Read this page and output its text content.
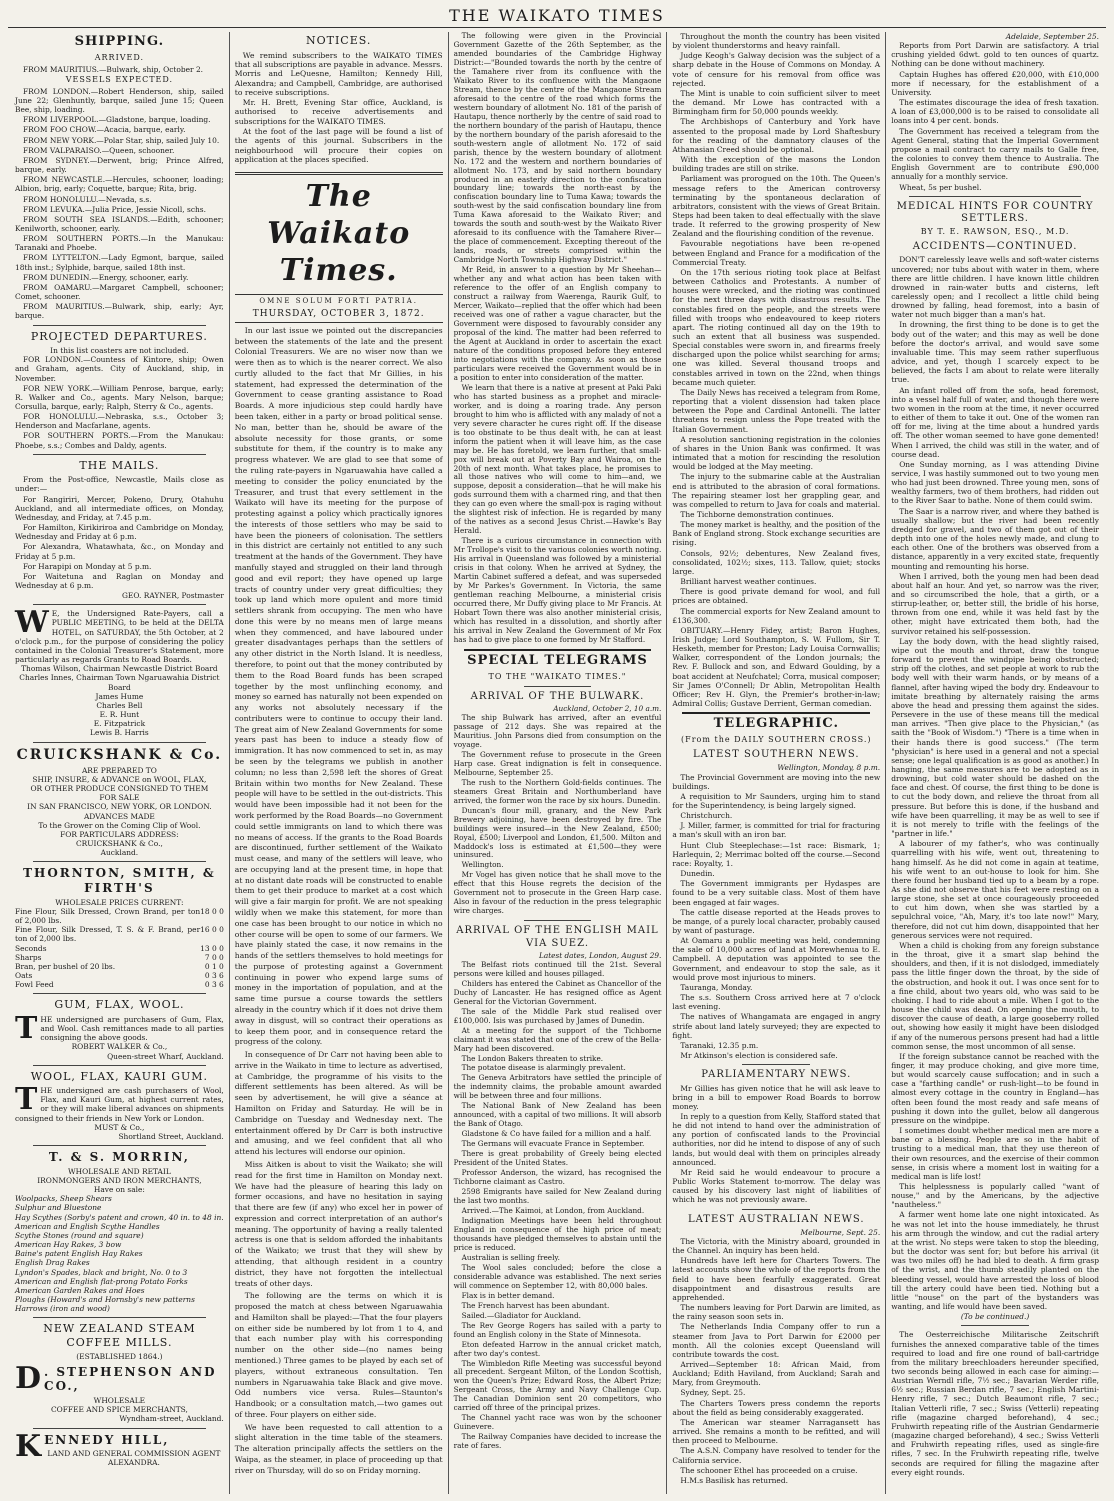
THE WAIKATO TIMES
SHIPPING.
ARRIVED.

FROM MAURITIUS.—Bulwark, ship, October 2.

VESSELS EXPECTED.

FROM LONDON.—Robert Henderson, ship, sailed June 22; Glenhuntly, barque, sailed June 15; Queen Bee, ship, loading.

FROM LIVERPOOL.—Gladstone, barque, loading.

FROM FOO CHOW.—Acacia, barque, early.

FROM NEW YORK.—Polar Star, ship, sailed July 10.

FROM VALPARAISO.—Queen, schooner.

FROM SYDNEY.—Derwent, brig; Prince Alfred, barque, early.

FROM NEWCASTLE.—Hercules, schooner, loading; Albion, brig, early; Coquette, barque; Rita, brig.

FROM HONOLULU.—Nevada, s.s.

FROM LEVUKA.—Julia Price, Jessie Nicoll, schs.

FROM SOUTH SEA ISLANDS.—Edith, schooner; Kenilworth, schooner, early.

FROM SOUTHERN PORTS.—In the Manukau: Taranaki and Phoebe.

FROM LYTTELTON.—Lady Egmont, barque, sailed 18th inst.; Sylphide, barque, sailed 18th inst.

FROM DUNEDIN.—Energy, schooner, early.

FROM OAMARU.—Margaret Campbell, schooner; Comet, schooner.

FROM MAURITIUS.—Bulwark, ship, early; Ayr, barque.

PROJECTED DEPARTURES.
In this list coasters are not included.

FOR LONDON.—Countess of Kintore, ship; Owen and Graham, agents. City of Auckland, ship, in November.

FOR NEW YORK.—William Penrose, barque, early; R. Walker and Co., agents. Mary Nelson, barque; Corsulla, barque, early; Ralph, Sterry & Co., agents.

FOR HONOLULU.—Nebraska, s.s., October 3; Henderson and Macfarlane, agents.

FOR SOUTHERN PORTS.—From the Manukau: Phoebe, s.s.; Combes and Daldy, agents.

THE MAILS.

From the Post-office, Newcastle, Mails close as under:—

For Rangiriri, Mercer, Pokeno, Drury, Otahuhu Auckland, and all intermediate offices, on Monday, Wednesday, and Friday, at 7.45 p.m.

For Hamilton, Kirikiriroa and Cambridge on Monday, Wednesday and Friday at 6 p.m.

For Alexandra, Whatawhata, &c., on Monday and Friday at 5 p.m.

For Harapipi on Monday at 5 p.m.

For Waitetuna and Raglan on Monday and Wednesday at 6 p.m.

GEO. RAYNER, Postmaster
W E, the Undersigned Rate-Payers, call a PUBLIC MEETING, to be held at the DELTA HOTEL, on SATURDAY, the 5th October, at 2 o'clock p.m., for the purpose of considering the policy contained in the Colonial Treasurer's Statement, more particularly as regards Grants to Road Boards.

Thomas Wilson, Chairman Newcastle District Board

Charles Innes, Chairman Town Ngaruawahia District Board

James Hume

Charles Bell

E. R. Hunt

E. Fitzpatrick

Lewis B. Harris

CRUICKSHANK & Co.

ARE PREPARED TO

SHIP, INSURE, & ADVANCE on WOOL, FLAX,

OR OTHER PRODUCE CONSIGNED TO THEM

FOR SALE

IN SAN FRANCISCO, NEW YORK, OR LONDON.

ADVANCES MADE

To the Grower on the Coming Clip of Wool.

FOR PARTICULARS ADDRESS:

CRUICKSHANK & Co.,

Auckland.

THORNTON, SMITH, & FIRTH'S
WHOLESALE PRICES CURRENT:
Fine Flour, Silk Dressed, Crown Brand, per ton of 2,000 lbs.
18 0 0
Fine Flour, Silk Dressed, T. S. & F. Brand, per ton of 2,000 lbs.
16 0 0
Seconds	13 0 0
Sharps	7 0 0
Bran, per bushel of 20 lbs.	0 1 0
Oats	0 3 6
Fowl Feed	0 3 6
GUM, FLAX, WOOL.
T HE undersigned are purchasers of Gum, Flax, and Wool. Cash remittances made to all parties consigning the above goods.
ROBERT WALKER & Co.,
Queen-street Wharf, Auckland.
WOOL, FLAX, KAURI GUM.
T HE undersigned are cash purchasers of Wool, Flax, and Kauri Gum, at highest current rates, or they will make liberal advances on shipments consigned to their friends in New York or London.
MUST & Co.,
Shortland Street, Auckland.
T. & S. MORRIN,
WHOLESALE AND RETAIL
IRONMONGERS AND IRON MERCHANTS,
Have on sale:

Woolpacks, Sheep Shears

Sulphur and Bluestone

Hay Scythes (Sorby's patent and crown, 40 in. to 48 in.

American and English Scythe Handles

Scythe Stones (round and square)

American Hay Rakes, 3 bow

Baine's patent English Hay Rakes

English Drag Rakes

Lyndon's Spades, black and bright, No. 0 to 3

American and English flat-prong Potato Forks

American Garden Rakes and Hoes

Ploughs (Howard's and Hornsby's new patterns

Harrows (iron and wood)

NEW ZEALAND STEAM COFFEE MILLS.
(ESTABLISHED 1864.)
D . STEPHENSON AND CO.,
WHOLESALE
COFFEE AND SPICE MERCHANTS,
Wyndham-street, Auckland.
K ENNEDY HILL,
LAND AND GENERAL COMMISSION AGENT
ALEXANDRA.
NOTICES.

We remind subscribers to the WAIKATO TIMES that all subscriptions are payable in advance. Messrs. Morris and LeQuesne, Hamilton; Kennedy Hill, Alexandra; and Campbell, Cambridge, are authorised to receive subscriptions.

Mr. H. Brett, Evening Star office, Auckland, is authorised to receive advertisements and subscriptions for the WAIKATO TIMES.

At the foot of the last page will be found a list of the agents of this journal. Subscribers in the neighbourhood will procure their copies on application at the places specified.

The Waikato Times.
OMNE SOLUM FORTI PATRIA.
THURSDAY, OCTOBER 3, 1872.

In our last issue we pointed out the discrepancies between the statements of the late and the present Colonial Treasurers. We are no wiser now than we were then as to which is the nearer correct. We also curtly alluded to the fact that Mr Gillies, in his statement, had expressed the determination of the Government to cease granting assistance to Road Boards. A more injudicious step could hardly have been taken, either in a party or broad political sense. No man, better than he, should be aware of the absolute necessity for those grants, or some substitute for them, if the country is to make any progress whatever. We are glad to see that some of the ruling rate-payers in Ngaruawahia have called a meeting to consider the policy enunciated by the Treasurer, and trust that every settlement in the Waikato will have its meeting for the purpose of protesting against a policy which practically ignores the interests of those settlers who may be said to have been the pioneers of colonisation. The settlers in this district are certainly not entitled to any such treatment at the hands of the Government. They have manfully stayed and struggled on their land through good and evil report; they have opened up large tracts of country under very great difficulties; they took up land which more opulent and more timid settlers shrank from occupying. The men who have done this were by no means men of large means when they commenced, and have laboured under greater disadvantages perhaps than the settlers of any other district in the North Island. It is needless, therefore, to point out that the money contributed by them to the Road Board funds has been scraped together by the most unflinching economy, and money so earned has naturally not been expended on any works not absolutely necessary if the contributers were to continue to occupy their land. The great aim of New Zealand Governments for some years past has been to induce a steady flow of immigration. It has now commenced to set in, as may be seen by the telegrams we publish in another column; no less than 2,598 left the shores of Great Britain within two months for New Zealand. These people will have to be settled in the out-districts. This would have been impossible had it not been for the work performed by the Road Boards—no Government could settle immigrants on land to which there was no means of access. If the grants to the Road Boards are discontinued, further settlement of the Waikato must cease, and many of the settlers will leave, who are occupying land at the present time, in hope that at no distant date roads will be constructed to enable them to get their produce to market at a cost which will give a fair margin for profit. We are not speaking wildly when we make this statement, for more than one case has been brought to our notice in which no other course will be open to some of our farmers. We have plainly stated the case, it now remains in the hands of the settlers themselves to hold meetings for the purpose of protesting against a Government continuing in power who expend large sums of money in the importation of population, and at the same time pursue a course towards the settlers already in the country which if it does not drive them away in disgust, will so contract their operations as to keep them poor, and in consequence retard the progress of the colony.

In consequence of Dr Carr not having been able to arrive in the Waikato in time to lecture as advertised, at Cambridge, the programme of his visits to the different settlements has been altered. As will be seen by advertisement, he will give a séance at Hamilton on Friday and Saturday. He will be in Cambridge on Tuesday and Wednesday next. The entertainment offered by Dr Carr is both instructive and amusing, and we feel confident that all who attend his lectures will endorse our opinion.

Miss Aitken is about to visit the Waikato; she will read for the first time in Hamilton on Monday next. We have had the pleasure of hearing this lady on former occasions, and have no hesitation in saying that there are few (if any) who excel her in power of expression and correct interpretation of an author's meaning. The opportunity of having a really talented actress is one that is seldom afforded the inhabitants of the Waikato; we trust that they will shew by attending, that although resident in a country district, they have not forgotten the intellectual treats of other days.

The following are the terms on which it is proposed the match at chess between Ngaruawahia and Hamilton shall be played:—That the four players on either side be numbered by lot from 1 to 4, and that each number play with his corresponding number on the other side—(no names being mentioned.) Three games to be played by each set of players, without extraneous consultation. Ten numbers in Ngaruawahia take Black and give move. Odd numbers vice versa. Rules—Staunton's Handbook; or a consultation match,—two games out of three. Four players on either side.

We have been requested to call attention to a slight alteration in the time table of the steamers. The alteration principally affects the settlers on the Waipa, as the steamer, in place of proceeding up that river on Thursday, will do so on Friday morning.

The following were given in the Provincial Government Gazette of the 26th September, as the amended boundaries of the Cambridge Highway District:—"Bounded towards the north by the centre of the Tamahere river from its confluence with the Waikato River to its confluence with the Mangaone Stream, thence by the centre of the Mangaone Stream aforesaid to the centre of the road which forms the western boundary of allotment No. 181 of the parish of Hautapu, thence northerly by the centre of said road to the northern boundary of the parish of Hautapu, thence by the northern boundary of the parish aforesaid to the south-western angle of allotment No. 172 of said parish, thence by the western boundary of allotment No. 172 and the western and northern boundaries of allotment No. 173, and by said northern boundary produced in an easterly direction to the confiscation boundary line; towards the north-east by the confiscation boundary line to Tuma Kawa; towards the south-west by the said confiscation boundary line from Tuma Kawa aforesaid to the Waikato River; and towards the south and south-west by the Waikato River aforesaid to its confluence with the Tamahere River—the place of commencement. Excepting thereout of the lands, roads, or streets comprised within the Cambridge North Township Highway District."

Mr Reid, in answer to a question by Mr Sheehan—whether any and what action has been taken with reference to the offer of an English company to construct a railway from Waerenga, Raurik Gulf, to Mercer, Waikato—replied that the offer which had been received was one of rather a vague character, but the Government were disposed to favourably consider any proposal of the kind. The matter had been referred to the Agent at Auckland in order to ascertain the exact nature of the conditions proposed before they entered into negotiations with the company. As soon as those particulars were received the Government would be in a position to enter into consideration of the matter.

We learn that there is a native at present at Paki Paki who has started business as a prophet and miracle-worker, and is doing a roaring trade. Any person brought to him who is afflicted with any malady of not a very severe character he cures right off. If the disease is too obstinate to be thus dealt with, he can at least inform the patient when it will leave him, as the case may be. He has foretold, we learn further, that small-pox will break out at Poverty Bay and Wairoa, on the 20th of next month. What takes place, he promises to all those natives who will come to him—and, we suppose, deposit a consideration—that he will make his gods surround them with a charmed ring, and that then they can go even where the small-pox is raging without the slightest risk of infection. He is regarded by many of the natives as a second Jesus Christ.—Hawke's Bay Herald.

There is a curious circumstance in connection with Mr Trollope's visit to the various colonies worth noting. His arrival in Queensland was followed by a ministerial crisis in that colony. When he arrived at Sydney, the Martin Cabinet suffered a defeat, and was superseded by Mr Parkes's Government. In Victoria, the same gentleman reaching Melbourne, a ministerial crisis occurred there, Mr Duffy giving place to Mr Francis. At Hobart Town there was also another ministerial crisis, which has resulted in a dissolution, and shortly after his arrival in New Zealand the Government of Mr Fox has had to give place to one formed by Mr Stafford.

SPECIAL TELEGRAMS
TO THE "WAIKATO TIMES."
ARRIVAL OF THE BULWARK.
Auckland, October 2, 10 a.m.

The ship Bulwark has arrived, after an eventful passage of 212 days. She was repaired at the Mauritius. John Parsons died from consumption on the voyage.

The Government refuse to prosecute in the Green Harp case. Great indignation is felt in consequence. Melbourne, September 25.

The rush to the Northern Gold-fields continues. The steamers Great Britain and Northumberland have arrived, the former won the race by six hours. Dunedin.

Duncan's flour mill, granary, and the New Park Brewery adjoining, have been destroyed by fire. The buildings were insured—in the New Zealand, £500; Royal, £500; Liverpool and London, £1,500. Milton and Maddock's loss is estimated at £1,500—they were uninsured.

Wellington.

Mr Vogel has given notice that he shall move to the effect that this House regrets the decision of the Government not to prosecute in the Green Harp case. Also in favour of the reduction in the press telegraphic wire charges.

ARRIVAL OF THE ENGLISH MAIL VIA SUEZ.
Latest dates, London, August 29.

The Belfast riots continued till the 21st. Several persons were killed and houses pillaged.

Childers has entered the Cabinet as Chancellor of the Duchy of Lancaster. He has resigned office as Agent General for the Victorian Government.

The sale of the Middle Park stud realised over £100,000. Isis was purchased by James of Dunedin.

At a meeting for the support of the Tichborne claimant it was stated that one of the crew of the Bella-Mary had been discovered.

The London Bakers threaten to strike.

The potatoe disease is alarmingly prevalent.

The Geneva Arbitrators have settled the principle of the indemnity claims, the probable amount awarded will be between three and four millions.

The National Bank of New Zealand has been announced, with a capital of two millions. It will absorb the Bank of Otago.

Gladstone & Co have failed for a million and a half.

The Germans will evacuate France in September.

There is great probability of Greely being elected President of the United States.

Professor Anderson, the wizard, has recognised the Tichborne claimant as Castro.

2598 Emigrants have sailed for New Zealand during the last two months.

Arrived.—The Kaimoi, at London, from Auckland.

Indignation Meetings have been held throughout England in consequence of the high price of meat; thousands have pledged themselves to abstain until the price is reduced.

Australian is selling freely.

The Wool sales concluded; before the close a considerable advance was established. The next series will commence on September 12, with 80,000 bales.

Flax is in better demand.

The French harvest has been abundant.

Sailed.—Gladiator for Auckland.

The Rev George Rogers has sailed with a party to found an English colony in the State of Minnesota.

Eton defeated Harrow in the annual cricket match, after two day's contest.

The Wimbledon Rifle Meeting was successful beyond all precedent. Sergeant Milton, of the London Scottish, won the Queen's Prize; Edward Ross, the Albert Prize; Sergeant Cross, the Army and Navy Challenge Cup. The Canadian Dominion sent 20 competitors, who carried off three of the principal prizes.

The Channel yacht race was won by the schooner Guinevere.

The Railway Companies have decided to increase the rate of fares.

Throughout the month the country has been visited by violent thunderstorms and heavy rainfall.

Judge Keogh's Galway decision was the subject of a sharp debate in the House of Commons on Monday. A vote of censure for his removal from office was rejected.

The Mint is unable to coin sufficient silver to meet the demand. Mr Lowe has contracted with a Birmingham firm for 50,000 pounds weekly.

The Archbishops of Canterbury and York have assented to the proposal made by Lord Shaftesbury for the reading of the damnatory clauses of the Athanasian Creed should be optional.

With the exception of the masons the London building trades are still on strike.

Parliament was prorogued on the 10th. The Queen's message refers to the American controversy terminating by the spontaneous declaration of arbitrators, consistent with the views of Great Britain. Steps had been taken to deal effectually with the slave trade. It referred to the growing prosperity of New Zealand and the flourishing condition of the revenue.

Favourable negotiations have been re-opened between England and France for a modification of the Commercial Treaty.

On the 17th serious rioting took place at Belfast between Catholics and Protestants. A number of houses were wrecked, and the rioting was continued for the next three days with disastrous results. The constables fired on the people, and the streets were filled with troops who endeavoured to keep rioters apart. The rioting continued all day on the 19th to such an extent that all business was suspended. Special constables were sworn in, and firearms freely discharged upon the police whilst searching for arms; one was killed. Several thousand troops and constables arrived in town on the 22nd, when things became much quieter.

The Daily News has received a telegram from Rome, reporting that a violent dissension had taken place between the Pope and Cardinal Antonelli. The latter threatens to resign unless the Pope treated with the Italian Government.

A resolution sanctioning registration in the colonies of shares in the Union Bank was confirmed. It was intimated that a motion for rescinding the resolution would be lodged at the May meeting.

The injury to the submarine cable at the Australian end is attributed to the abrasion of coral formations. The repairing steamer lost her grappling gear, and was compelled to return to Java for coals and material.

The Tichborne demonstration continues.

The money market is healthy, and the position of the Bank of England strong. Stock exchange securities are rising.

Consols, 92½; debentures, New Zealand fives, consolidated, 102½; sixes, 113. Tallow, quiet; stocks large.

Brilliant harvest weather continues.

There is good private demand for wool, and full prices are obtained.

The commercial exports for New Zealand amount to £136,300.

OBITUARY.—Henry Fidey, artist; Baron Hughes, Irish Judge; Lord Southampton, S. W. Fullom, Sir T. Hesketh, member for Preston; Lady Louisa Cornwallis; Walker, correspondent of the London journals; the Rev. F. Bullock and son, and Edward Goulding, by a boat accident at Neufchatel; Corra, musical composer; Sir James O'Connell; Dr Ablin, Metropolitan Health Officer; Rev H. Glyn, the Premier's brother-in-law; Admiral Collis; Gustave Derrient, German comedian.

TELEGRAPHIC.
(From the DAILY SOUTHERN CROSS.)
LATEST SOUTHERN NEWS.
Wellington, Monday, 8 p.m.

The Provincial Government are moving into the new buildings.

A requisition to Mr Saunders, urging him to stand for the Superintendency, is being largely signed.

Christchurch.

J. Miller, farmer, is committed for trial for fracturing a man's skull with an iron bar.

Hunt Club Steeplechase:—1st race: Bismark, 1; Harlequin, 2; Merrimac bolted off the course.—Second race: Royalty, 1.

Dunedin.

The Government immigrants per Hydaspes are found to be a very suitable class. Most of them have been engaged at fair wages.

The cattle disease reported at the Heads proves to be mange, of a purely local character, probably caused by want of pasturage.

At Oamaru a public meeting was held, condemning the sale of 10,000 acres of land at Morewhenua to E. Campbell. A deputation was appointed to see the Government, and endeavour to stop the sale, as it would prove most injurious to miners.

Tauranga, Monday.

The s.s. Southern Cross arrived here at 7 o'clock last evening.

The natives of Whangamata are engaged in angry strife about land lately surveyed; they are expected to fight.

Taranaki, 12.35 p.m.

Mr Atkinson's election is considered safe.

PARLIAMENTARY NEWS.

Mr Gillies has given notice that he will ask leave to bring in a bill to empower Road Boards to borrow money.

In reply to a question from Kelly, Stafford stated that he did not intend to hand over the administration of any portion of confiscated lands to the Provincial authorities, nor did he intend to dispose of any of such lands, but would deal with them on principles already announced.

Mr Reid said he would endeavour to procure a Public Works Statement to-morrow. The delay was caused by his discovery last night of liabilities of which he was not previously aware.

LATEST AUSTRALIAN NEWS.
Melbourne, Sept. 25.

The Victoria, with the Ministry aboard, grounded in the Channel. An inquiry has been held.

Hundreds have left here for Charters Towers. The latest accounts show the whole of the reports from the field to have been fearfully exaggerated. Great disappointment and disastrous results are apprehended.

The numbers leaving for Port Darwin are limited, as the rainy season soon sets in.

The Netherlands India Company offer to run a steamer from Java to Port Darwin for £2000 per month. All the colonies except Queensland will contribute towards the cost.

Arrived—September 18: African Maid, from Auckland; Edith Haviland, from Auckland; Sarah and Mary, from Greymouth.

Sydney, Sept. 25.

The Charters Towers press condemn the reports about the field as being considerably exaggerated.

The American war steamer Narragansett has arrived. She remains a month to be refitted, and will then proceed to Melbourne.

The A.S.N. Company have resolved to tender for the California service.

The schooner Ethel has proceeded on a cruise.

H.M.s Basilisk has returned.

Adelaide, September 25.

Reports from Port Darwin are satisfactory. A trial crushing yielded 6dwt. gold to ten ounces of quartz. Nothing can be done without machinery.

Captain Hughes has offered £20,000, with £10,000 more if necessary, for the establishment of a University.

The estimates discourage the idea of fresh taxation. A loan of £3,000,000 is to be raised to consolidate all loans into 4 per cent. bonds.

The Government has received a telegram from the Agent General, stating that the Imperial Government propose a mail contract to carry mails to Galle free, the colonies to convey them thence to Australia. The English Government are to contribute £90,000 annually for a monthly service.

Wheat, 5s per bushel.

MEDICAL HINTS FOR COUNTRY SETTLERS.
BY T. E. RAWSON, ESQ., M.D.
ACCIDENTS—CONTINUED.

DON'T carelessly leave wells and soft-water cisterns uncovered; nor tubs about with water in them, where there are little children. I have known little children drowned in rain-water butts and cisterns, left carelessly open; and I recollect a little child being drowned by falling, head foremost, into a basin of water not much bigger than a man's hat.

In drowning, the first thing to be done is to get the body out of the water; and this may as well be done before the doctor's arrival, and would save some invaluable time. This may seem rather superfluous advice, and yet, though I scarcely expect to be believed, the facts I am about to relate were literally true.

An infant rolled off from the sofa, head foremost, into a vessel half full of water, and though there were two women in the room at the time, it never occurred to either of them to take it out. One of the women ran off for me, living at the time about a hundred yards off. The other woman seemed to have gone demented! When I arrived, the child was still in the water, and of course dead.

One Sunday morning, as I was attending Divine service, I was hastily summoned out to two young men who had just been drowned. Three young men, sons of wealthy farmers, two of them brothers, had ridden out to the River Saar to bathe. None of them could swim.

The Saar is a narrow river, and where they bathed is usually shallow; but the river had been recently dredged for gravel, and two of them got out of their depth into one of the holes newly made, and clung to each other. One of the brothers was observed from a distance, apparently in a very excited state, frequently mounting and remounting his horse.

When I arrived, both the young men had been dead about half an hour. And yet, so narrow was the river, and so circumscribed the hole, that a girth, or a stirrup-leather, or, better still, the bridle of his horse, thrown from one end, while it was held fast by the other, might have extricated them both, had the survivor retained his self-possession.

Lay the body down, with the head slightly raised, wipe out the mouth and throat, draw the tongue forward to prevent the windpipe being obstructed; strip off the clothes, and set people at work to rub the body well with their warm hands, or by means of a flannel, after having wiped the body dry. Endeavour to imitate breathing by alternately raising the arms above the head and pressing them against the sides. Persevere in the use of these means till the medical man arrives. "Then give place to the Physician," (as saith the "Book of Wisdom.") "There is a time when in their hands there is good success." (The term "physician" is here used in a general and not a special sense; one legal qualification is as good as another.) In hanging, the same measures are to be adopted as in drowning, but cold water should be dashed on the face and chest. Of course, the first thing to be done is to cut the body down, and relieve the throat from all pressure. But before this is done, if the husband and wife have been quarrelling, it may be as well to see if it is not merely to trifle with the feelings of the "partner in life."

A labourer of my father's, who was continually quarrelling with his wife, went out, threatening to hang himself. As he did not come in again at teatime, his wife went to an out-house to look for him. She there found her husband tied up to a beam by a rope. As she did not observe that his feet were resting on a large stone, she set at once courageously proceeded to cut him down, when she was startled by a sepulchral voice, "Ah, Mary, it's too late now!" Mary, therefore, did not cut him down, disappointed that her generous services were not required.

When a child is choking from any foreign substance in the throat, give it a smart slap behind the shoulders, and then, if it is not dislodged, immediately pass the little finger down the throat, by the side of the obstruction, and hook it out. I was once sent for to a fine child, about two years old, who was said to be choking. I had to ride about a mile. When I got to the house the child was dead. On opening the mouth, to discover the cause of death, a large gooseberry rolled out, showing how easily it might have been dislodged if any of the numerous persons present had had a little common sense, the most uncommon of all sense.

If the foreign substance cannot be reached with the finger, it may produce choking, and give more time, but would scarcely cause suffocation; and in such a case a "farthing candle" or rush-light—to be found in almost every cottage in the country in England—has often been found the most ready and safe means of pushing it down into the gullet, below all dangerous pressure on the windpipe.

I sometimes doubt whether medical men are more a bane or a blessing. People are so in the habit of trusting to a medical man, that they use thereon of their own resources, and the exercise of their common sense, in crisis where a moment lost in waiting for a medical man is life lost!

This helplessness is popularly called "want of nouse," and by the Americans, by the adjective "nautheless."

A farmer went home late one night intoxicated. As he was not let into the house immediately, he thrust his arm through the window, and cut the radial artery at the wrist. No steps were taken to stop the bleeding, but the doctor was sent for; but before his arrival (it was two miles off) he had bled to death. A firm grasp of the wrist, and the thumb steadily planted on the bleeding vessel, would have arrested the loss of blood till the artery could have been tied. Nothing but a little "nouse" on the part of the bystanders was wanting, and life would have been saved.

(To be continued.)

The Oesterreichische Militarische Zeitschrift furnishes the annexed comparative table of the times required to load and fire one round of ball-cartridge from the military breechloaders hereunder specified, two seconds being allowed in each case for aiming:—Austrian Werndl rifle, 7½ sec.; Bavarian Werder rifle, 6½ sec.; Russian Berdan rifle, 7 sec.; English Martini-Henry rifle, 7 sec.; Dutch Beaumont rifle, 7 sec.; Italian Vetterli rifle, 7 sec.; Swiss (Vetterli) repeating rifle (magazine charged beforehand), 4 sec.; Fruhwirth repeating rifle of the Austrian Gendarmerie (magazine charged beforehand), 4 sec.; Swiss Vetterli and Fruhwirth repeating rifles, used as single-fire rifles, 7 sec. In the Fruhwirth repeating rifle, twelve seconds are required for filling the magazine after every eight rounds.
